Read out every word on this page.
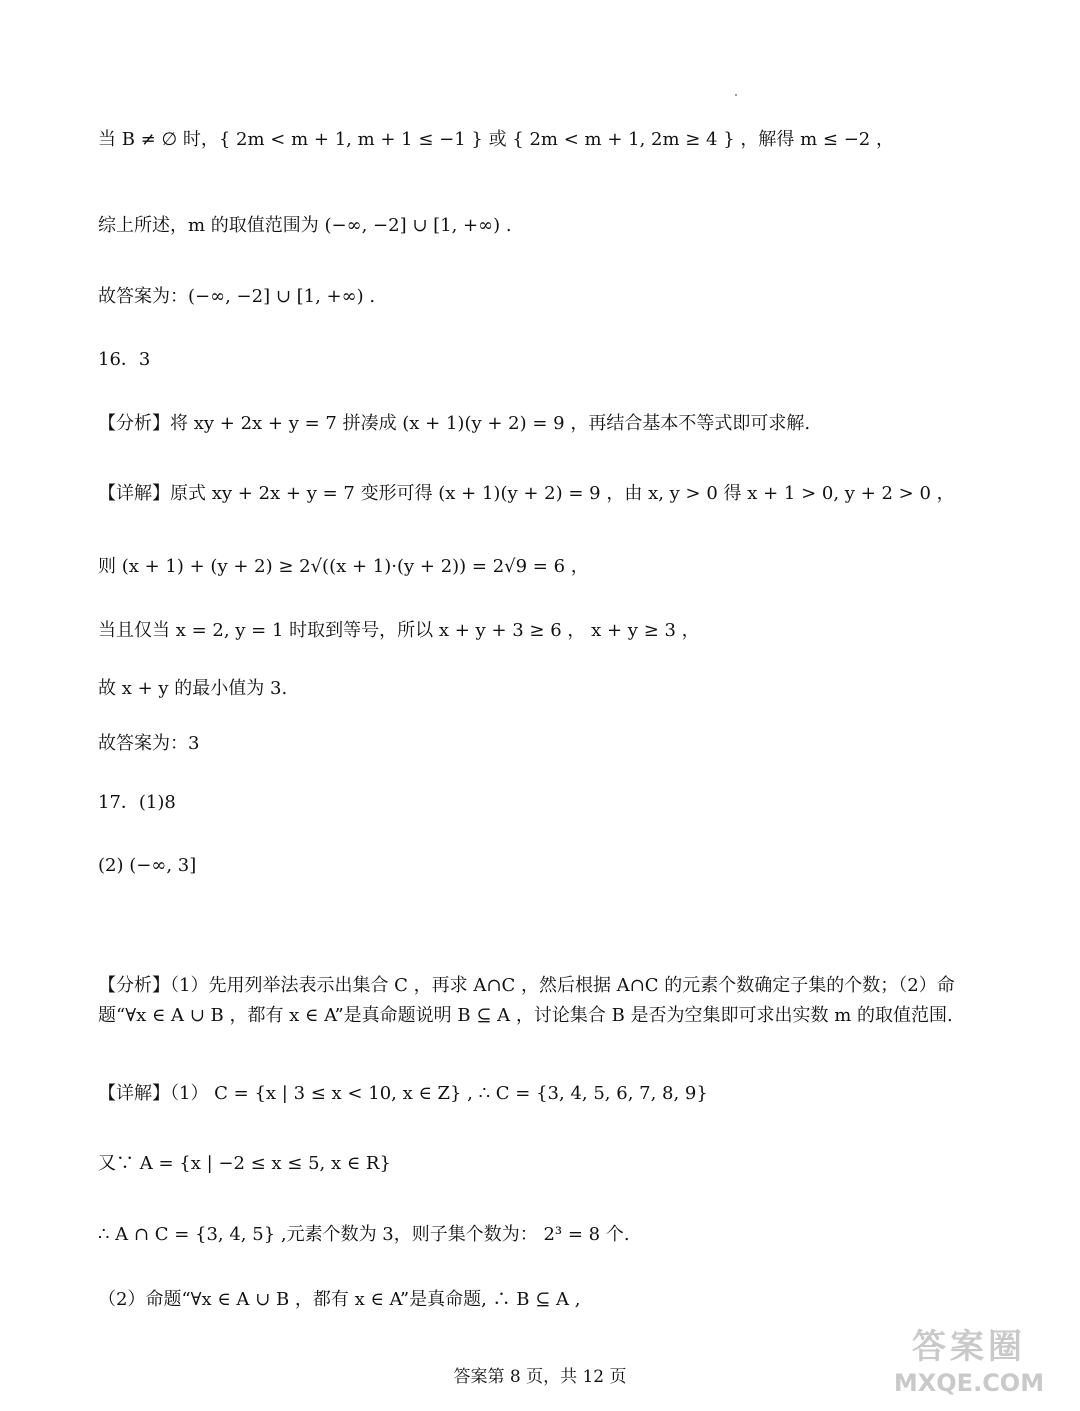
当 B ≠ ∅ 时，{ 2m < m + 1, m + 1 ≤ −1 } 或 { 2m < m + 1, 2m ≥ 4 } ，解得 m ≤ −2 ，
综上所述，m 的取值范围为 (−∞, −2] ∪ [1, +∞) .
故答案为：(−∞, −2] ∪ [1, +∞) .
16．3
【分析】将 xy + 2x + y = 7 拼凑成 (x + 1)(y + 2) = 9 ，再结合基本不等式即可求解.
【详解】原式 xy + 2x + y = 7 变形可得 (x + 1)(y + 2) = 9 ，由 x, y > 0 得 x + 1 > 0, y + 2 > 0 ，
则 (x + 1) + (y + 2) ≥ 2√((x + 1)·(y + 2)) = 2√9 = 6 ，
当且仅当 x = 2, y = 1 时取到等号，所以 x + y + 3 ≥ 6 ， x + y ≥ 3 ，
故 x + y 的最小值为 3.
故答案为：3
17．(1)8
(2) (−∞, 3]
【分析】（1）先用列举法表示出集合 C ，再求 A∩C ，然后根据 A∩C 的元素个数确定子集的个数；（2）命题“∀x ∈ A ∪ B ，都有 x ∈ A”是真命题说明 B ⊆ A ，讨论集合 B 是否为空集即可求出实数 m 的取值范围.
【详解】（1） C = {x | 3 ≤ x < 10, x ∈ Z} , ∴ C = {3, 4, 5, 6, 7, 8, 9}
又∵ A = {x | −2 ≤ x ≤ 5, x ∈ R}
∴ A ∩ C = {3, 4, 5} ,元素个数为 3，则子集个数为： 2³ = 8 个.
（2）命题“∀x ∈ A ∪ B ，都有 x ∈ A”是真命题, ∴ B ⊆ A ,
答案第 8 页，共 12 页
答案圈
MXQE.COM
